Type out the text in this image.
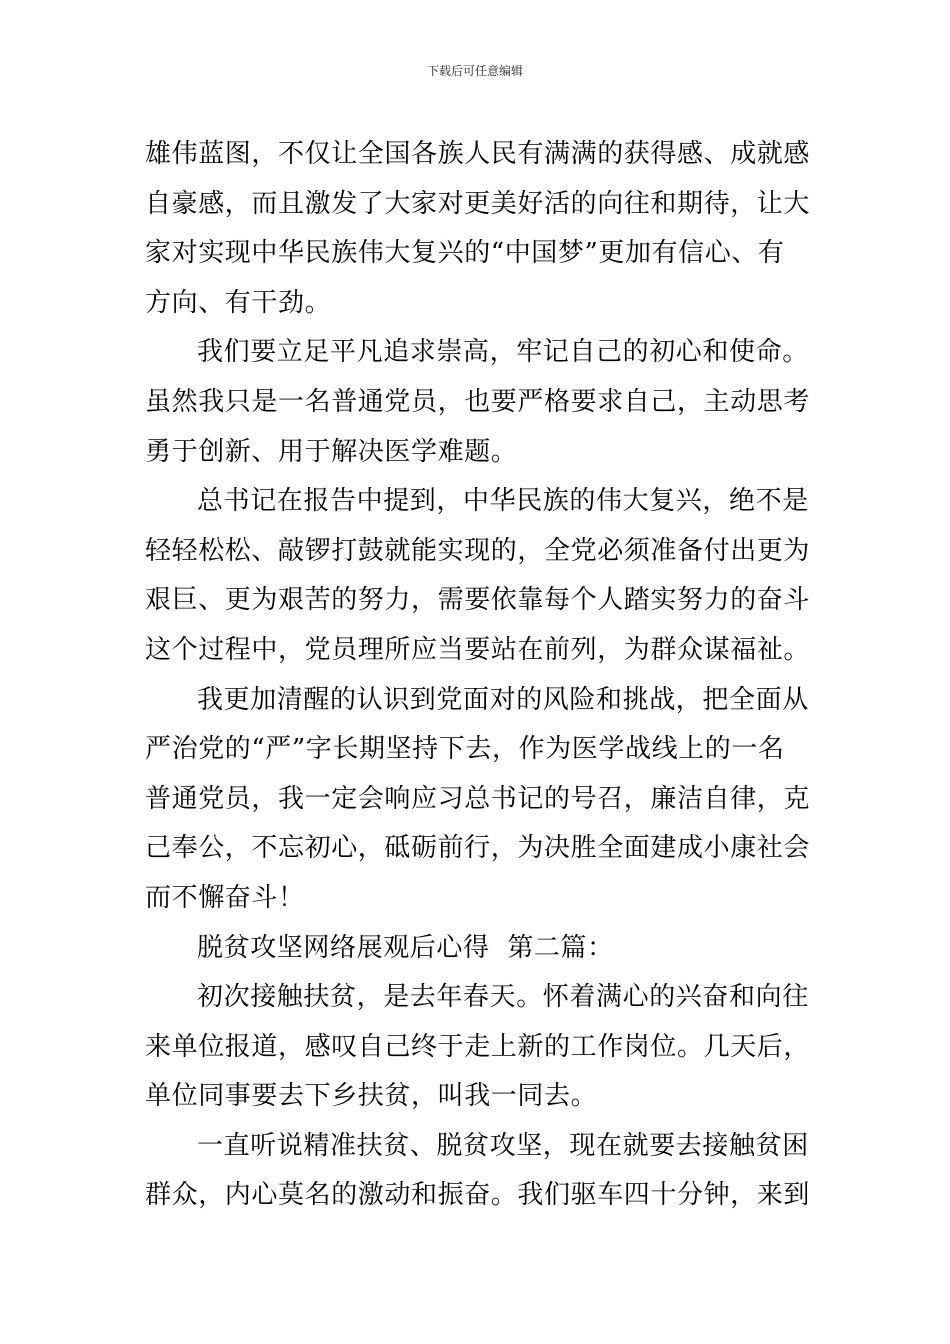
下载后可任意编辑
雄伟蓝图，不仅让全国各族人民有满满的获得感、成就感
自豪感，而且激发了大家对更美好活的向往和期待，让大
家对实现中华民族伟大复兴的“中国梦”更加有信心、有
方向、有干劲。
我们要立足平凡追求崇高，牢记自己的初心和使命。
虽然我只是一名普通党员，也要严格要求自己，主动思考
勇于创新、用于解决医学难题。
总书记在报告中提到，中华民族的伟大复兴，绝不是
轻轻松松、敲锣打鼓就能实现的，全党必须准备付出更为
艰巨、更为艰苦的努力，需要依靠每个人踏实努力的奋斗
这个过程中，党员理所应当要站在前列，为群众谋福祉。
我更加清醒的认识到党面对的风险和挑战，把全面从
严治党的“严”字长期坚持下去，作为医学战线上的一名
普通党员，我一定会响应习总书记的号召，廉洁自律，克
己奉公，不忘初心，砥砺前行，为决胜全面建成小康社会
而不懈奋斗！
脱贫攻坚网络展观后心得  第二篇：
初次接触扶贫，是去年春天。怀着满心的兴奋和向往
来单位报道，感叹自己终于走上新的工作岗位。几天后，
单位同事要去下乡扶贫，叫我一同去。
一直听说精准扶贫、脱贫攻坚，现在就要去接触贫困
群众，内心莫名的激动和振奋。我们驱车四十分钟，来到
